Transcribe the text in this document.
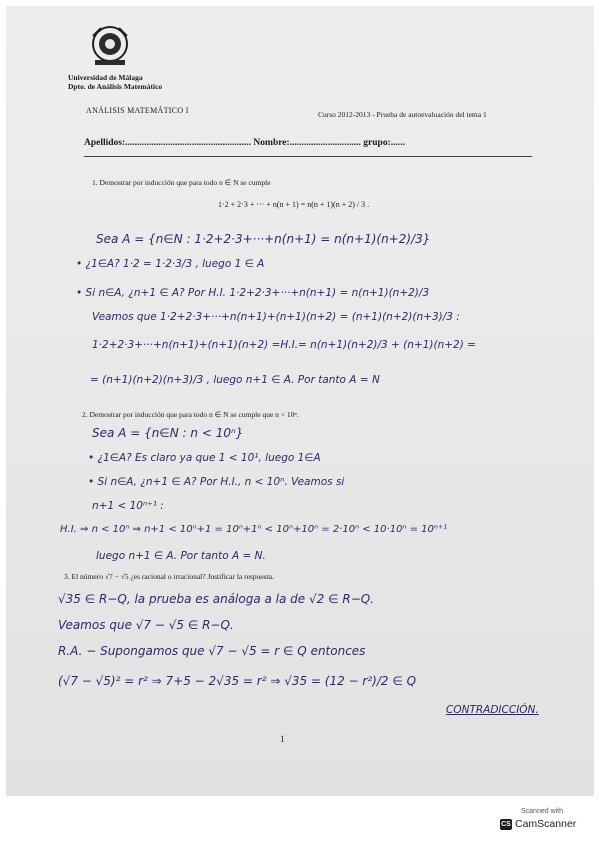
Universidad de Málaga
Dpto. de Análisis Matemático
ANÁLISIS MATEMÁTICO I	Curso 2012-2013 - Prueba de autoevaluación del tema 1
Apellidos:..................................................... Nombre:.............................. grupo:......
1. Demostrar por inducción que para todo n ∈ N se cumple
1·2 + 2·3 + ··· + n(n + 1) = n(n + 1)(n + 2) / 3 .
Sea A = {n∈N : 1·2+2·3+···+n(n+1) = n(n+1)(n+2)/3}
• ¿1∈A? 1·2 = 1·2·3/3 , luego 1 ∈ A
• Si n∈A, ¿n+1 ∈ A? Por H.I. 1·2+2·3+···+n(n+1) = n(n+1)(n+2)/3
Veamos que 1·2+2·3+···+n(n+1)+(n+1)(n+2) = (n+1)(n+2)(n+3)/3 :
1·2+2·3+···+n(n+1)+(n+1)(n+2) =H.I.= n(n+1)(n+2)/3 + (n+1)(n+2) =
= (n+1)(n+2)(n+3)/3 , luego n+1 ∈ A. Por tanto A = N
2. Demostrar por inducción que para todo n ∈ N se cumple que n < 10ⁿ.
Sea A = {n∈N : n < 10ⁿ}
• ¿1∈A? Es claro ya que 1 < 10¹, luego 1∈A
• Si n∈A, ¿n+1 ∈ A? Por H.I., n < 10ⁿ. Veamos si
n+1 < 10ⁿ⁺¹ :
H.I. ⇒ n < 10ⁿ ⇒ n+1 < 10ⁿ+1 = 10ⁿ+1ⁿ < 10ⁿ+10ⁿ = 2·10ⁿ < 10·10ⁿ = 10ⁿ⁺¹
luego n+1 ∈ A. Por tanto A = N.
3. El número √7 − √5 ¿es racional o irracional? Justificar la respuesta.
√35 ∈ R−Q, la prueba es análoga a la de √2 ∈ R−Q.
Veamos que √7 − √5 ∈ R−Q.
R.A. − Supongamos que √7 − √5 = r ∈ Q entonces
(√7 − √5)² = r² ⇒ 7+5 − 2√35 = r² ⇒ √35 = (12 − r²)/2 ∈ Q
CONTRADICCIÓN.
1
Scanned with
CS CamScanner
